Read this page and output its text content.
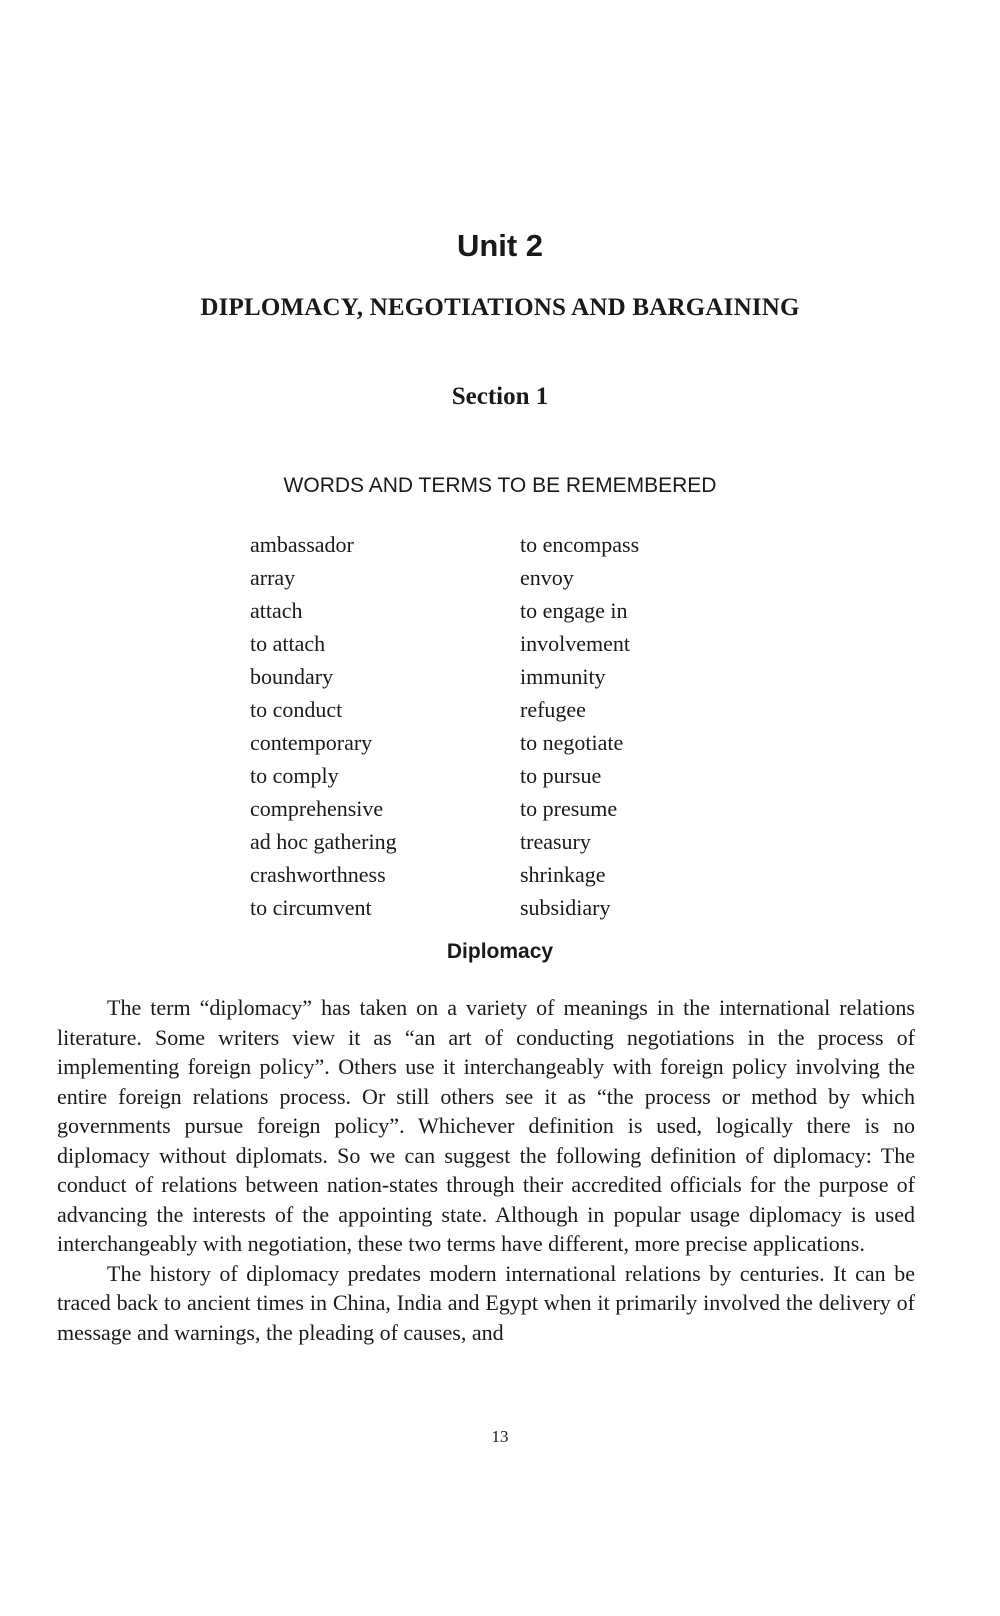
Unit 2
DIPLOMACY, NEGOTIATIONS AND BARGAINING
Section 1
WORDS AND TERMS TO BE REMEMBERED
ambassador
array
attach
to attach
boundary
to conduct
contemporary
to comply
comprehensive
ad hoc gathering
crashworthness
to circumvent
to encompass
envoy
to engage in
involvement
immunity
refugee
to negotiate
to pursue
to presume
treasury
shrinkage
subsidiary
Diplomacy

The term “diplomacy” has taken on a variety of meanings in the international relations literature. Some writers view it as “an art of conducting negotiations in the process of implementing foreign policy”. Others use it interchangeably with foreign policy involving the entire foreign relations process. Or still others see it as “the process or method by which governments pursue foreign policy”. Whichever definition is used, logically there is no diplomacy without diplomats. So we can suggest the following definition of diplomacy: The conduct of relations between nation-states through their accredited officials for the purpose of advancing the interests of the appointing state. Although in popular usage diplomacy is used interchangeably with negotiation, these two terms have different, more precise applications.

The history of diplomacy predates modern international relations by centuries. It can be traced back to ancient times in China, India and Egypt when it primarily involved the delivery of message and warnings, the pleading of causes, and

13
